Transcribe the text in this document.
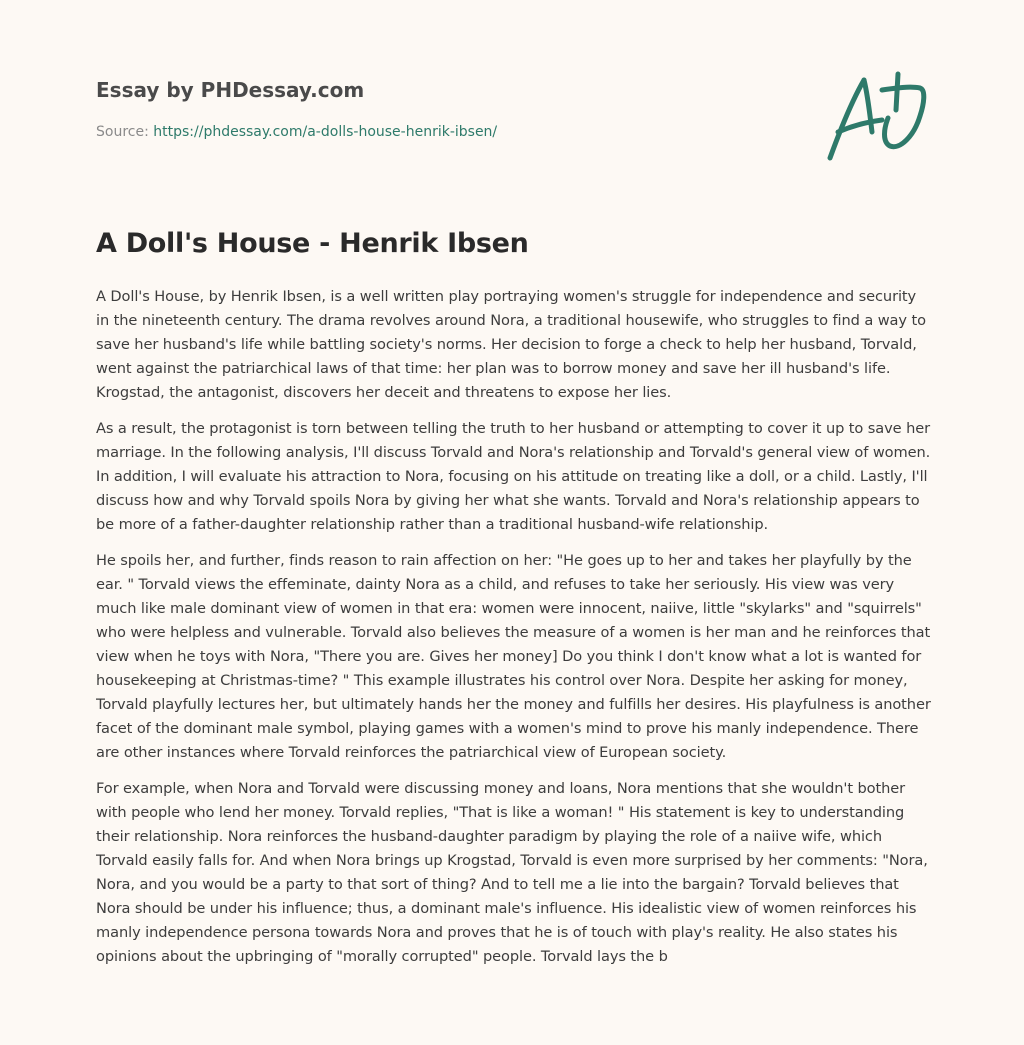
Essay by PHDessay.com
Source: https://phdessay.com/a-dolls-house-henrik-ibsen/
A Doll's House - Henrik Ibsen

A Doll's House, by Henrik Ibsen, is a well written play portraying women's struggle for independence and security in the nineteenth century. The drama revolves around Nora, a traditional housewife, who struggles to find a way to save her husband's life while battling society's norms. Her decision to forge a check to help her husband, Torvald, went against the patriarchical laws of that time: her plan was to borrow money and save her ill husband's life. Krogstad, the antagonist, discovers her deceit and threatens to expose her lies.

As a result, the protagonist is torn between telling the truth to her husband or attempting to cover it up to save her marriage. In the following analysis, I'll discuss Torvald and Nora's relationship and Torvald's general view of women. In addition, I will evaluate his attraction to Nora, focusing on his attitude on treating like a doll, or a child. Lastly, I'll discuss how and why Torvald spoils Nora by giving her what she wants. Torvald and Nora's relationship appears to be more of a father-daughter relationship rather than a traditional husband-wife relationship.

He spoils her, and further, finds reason to rain affection on her: "He goes up to her and takes her playfully by the ear. " Torvald views the effeminate, dainty Nora as a child, and refuses to take her seriously. His view was very much like male dominant view of women in that era: women were innocent, naiive, little "skylarks" and "squirrels" who were helpless and vulnerable. Torvald also believes the measure of a women is her man and he reinforces that view when he toys with Nora, "There you are. Gives her money] Do you think I don't know what a lot is wanted for housekeeping at Christmas-time? " This example illustrates his control over Nora. Despite her asking for money, Torvald playfully lectures her, but ultimately hands her the money and fulfills her desires. His playfulness is another facet of the dominant male symbol, playing games with a women's mind to prove his manly independence. There are other instances where Torvald reinforces the patriarchical view of European society.

For example, when Nora and Torvald were discussing money and loans, Nora mentions that she wouldn't bother with people who lend her money. Torvald replies, "That is like a woman! " His statement is key to understanding their relationship. Nora reinforces the husband-daughter paradigm by playing the role of a naiive wife, which Torvald easily falls for. And when Nora brings up Krogstad, Torvald is even more surprised by her comments: "Nora, Nora, and you would be a party to that sort of thing? And to tell me a lie into the bargain? Torvald believes that Nora should be under his influence; thus, a dominant male's influence. His idealistic view of women reinforces his manly independence persona towards Nora and proves that he is of touch with play's reality. He also states his opinions about the upbringing of "morally corrupted" people. Torvald lays the b
